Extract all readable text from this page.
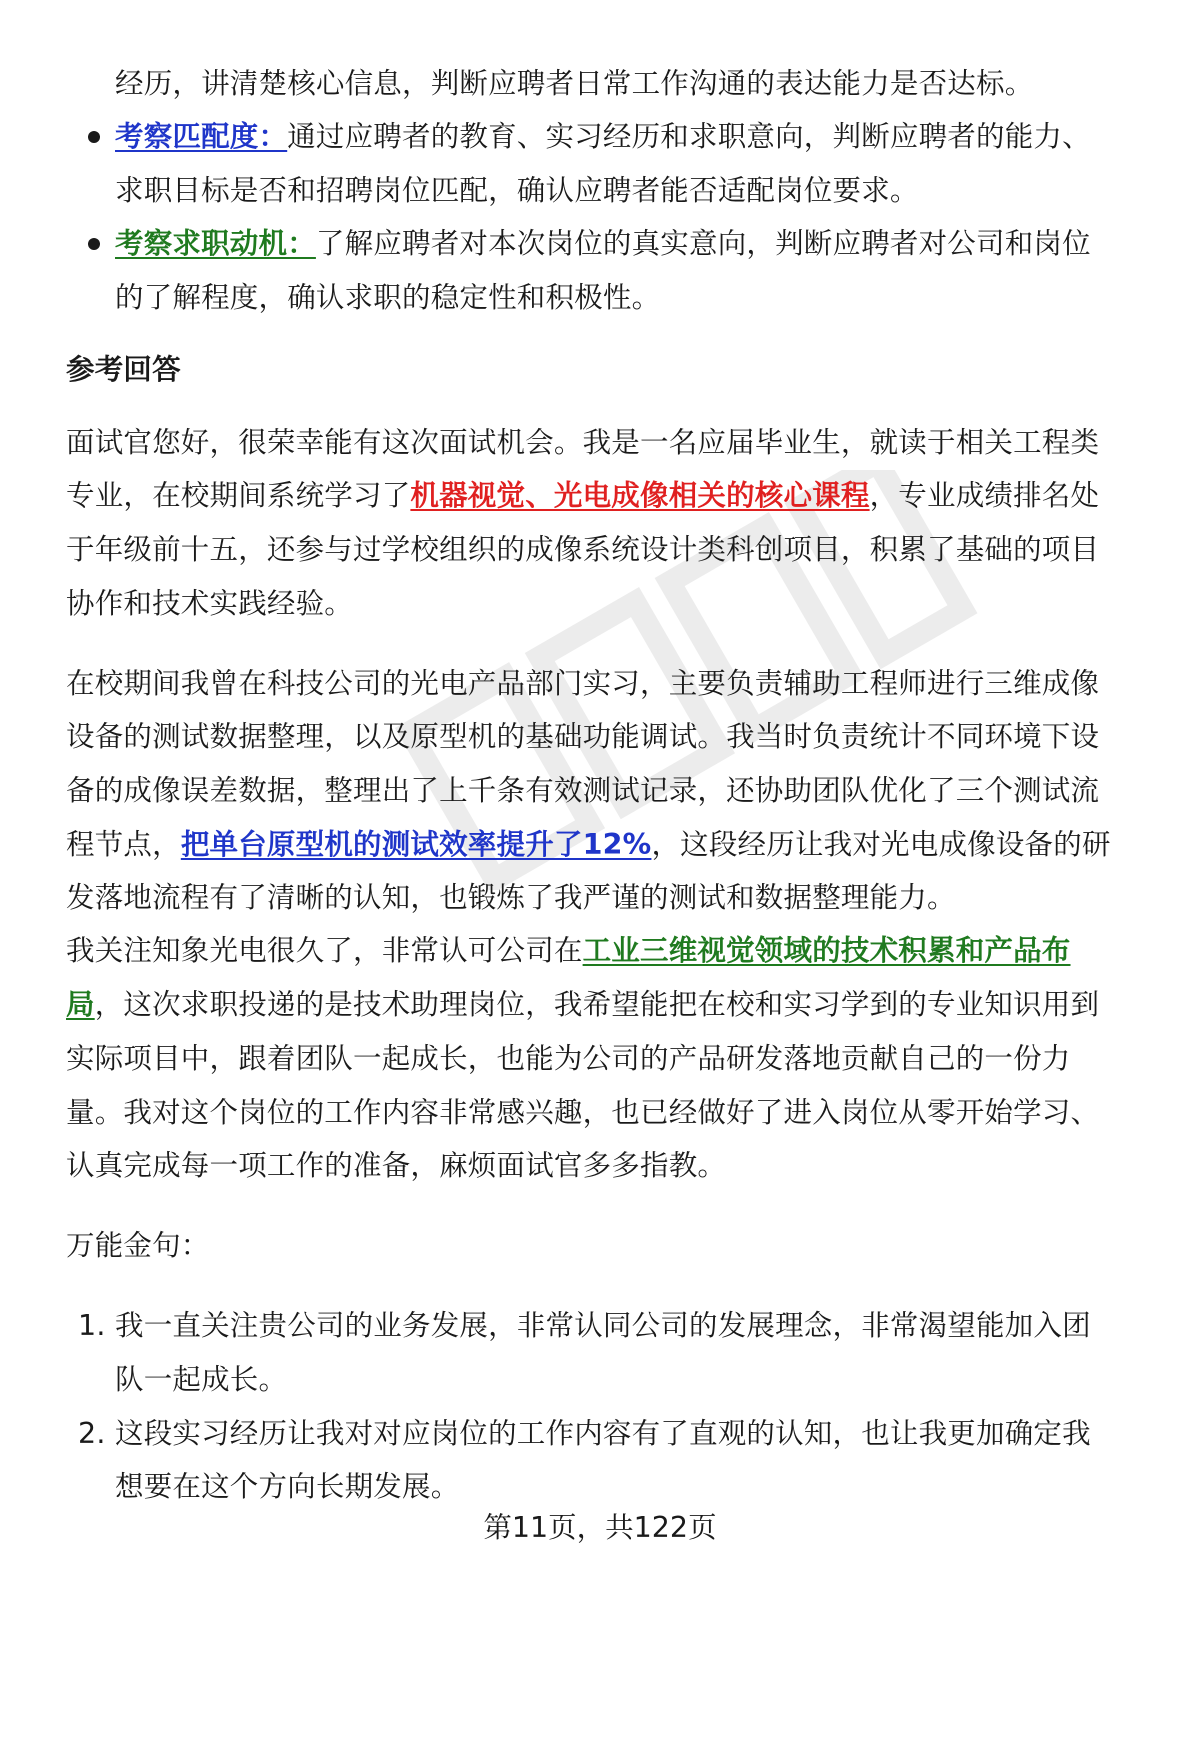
经历，讲清楚核心信息，判断应聘者日常工作沟通的表达能力是否达标。
考察匹配度：通过应聘者的教育、实习经历和求职意向，判断应聘者的能力、
求职目标是否和招聘岗位匹配，确认应聘者能否适配岗位要求。
考察求职动机：了解应聘者对本次岗位的真实意向，判断应聘者对公司和岗位
的了解程度，确认求职的稳定性和积极性。
参考回答
面试官您好，很荣幸能有这次面试机会。我是一名应届毕业生，就读于相关工程类
专业，在校期间系统学习了机器视觉、光电成像相关的核心课程，专业成绩排名处
于年级前十五，还参与过学校组织的成像系统设计类科创项目，积累了基础的项目
协作和技术实践经验。
在校期间我曾在科技公司的光电产品部门实习，主要负责辅助工程师进行三维成像
设备的测试数据整理，以及原型机的基础功能调试。我当时负责统计不同环境下设
备的成像误差数据，整理出了上千条有效测试记录，还协助团队优化了三个测试流
程节点，把单台原型机的测试效率提升了12%，这段经历让我对光电成像设备的研
发落地流程有了清晰的认知，也锻炼了我严谨的测试和数据整理能力。
我关注知象光电很久了，非常认可公司在工业三维视觉领域的技术积累和产品布
局，这次求职投递的是技术助理岗位，我希望能把在校和实习学到的专业知识用到
实际项目中，跟着团队一起成长，也能为公司的产品研发落地贡献自己的一份力
量。我对这个岗位的工作内容非常感兴趣，也已经做好了进入岗位从零开始学习、
认真完成每一项工作的准备，麻烦面试官多多指教。
万能金句：
1. 我一直关注贵公司的业务发展，非常认同公司的发展理念，非常渴望能加入团
队一起成长。
2. 这段实习经历让我对对应岗位的工作内容有了直观的认知，也让我更加确定我
想要在这个方向长期发展。
第11页，共122页
